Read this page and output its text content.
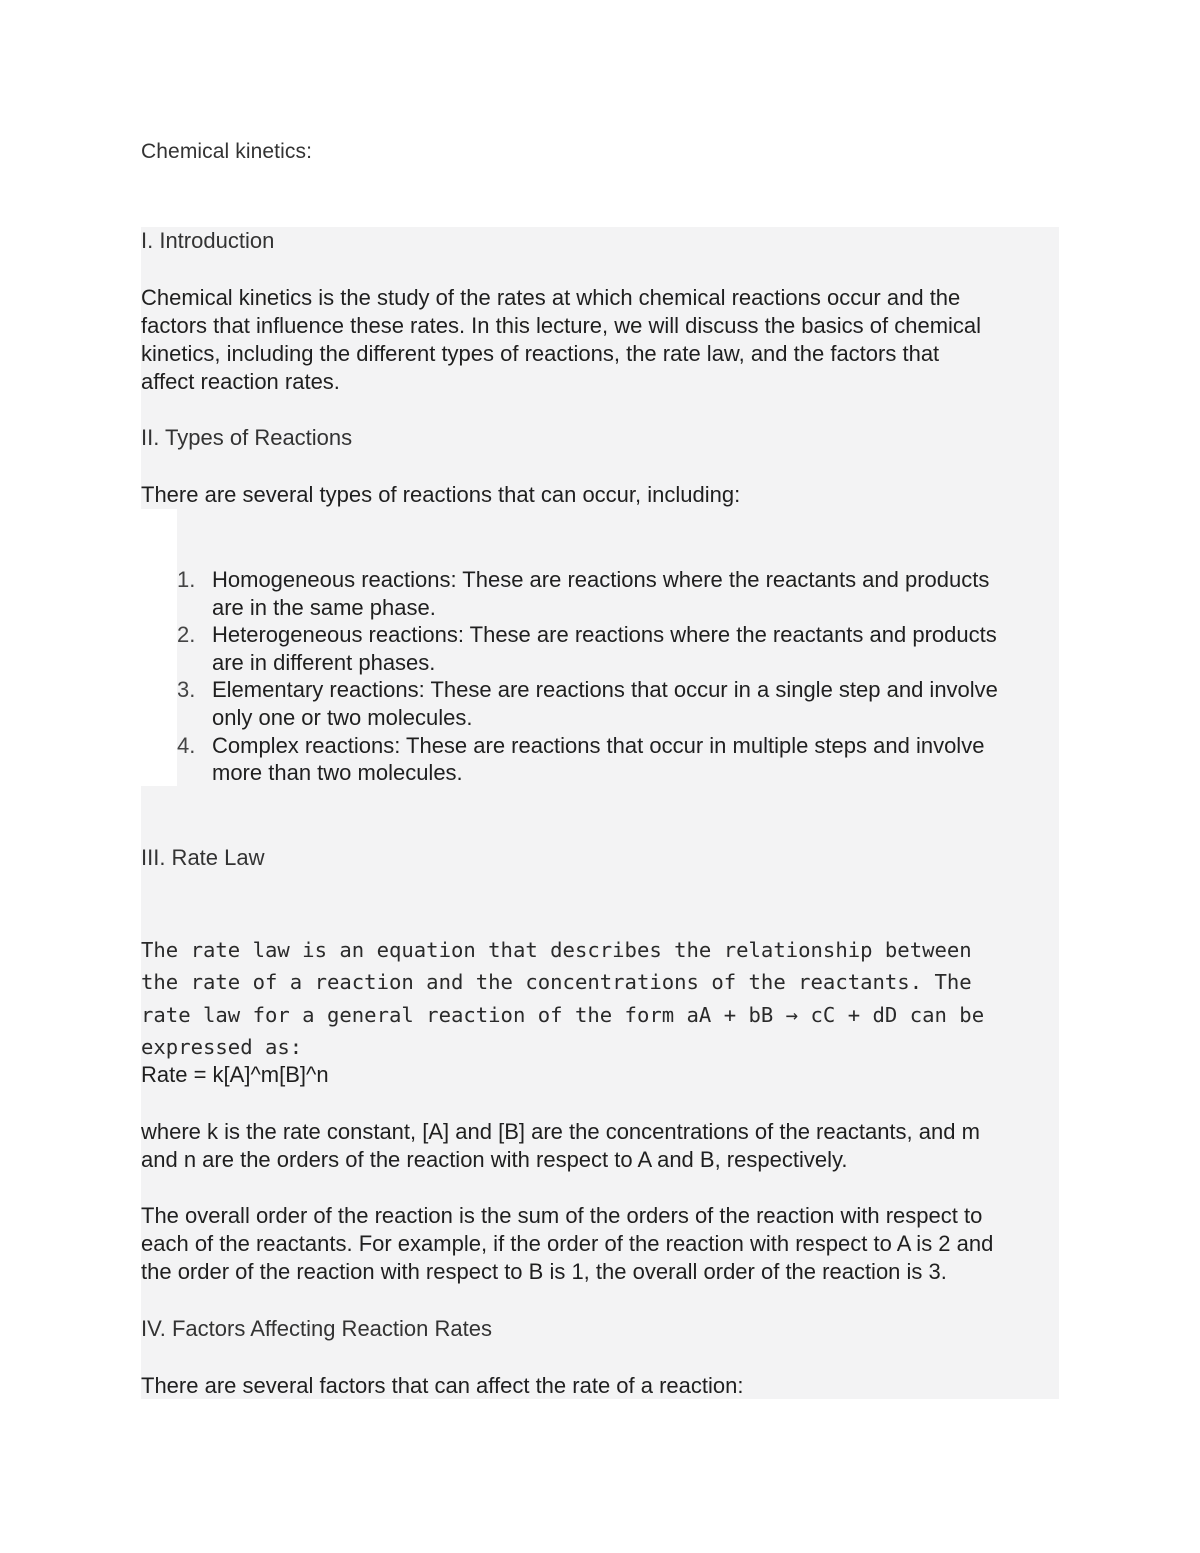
Chemical kinetics:
I. Introduction

Chemical kinetics is the study of the rates at which chemical reactions occur and the
factors that influence these rates. In this lecture, we will discuss the basics of chemical
kinetics, including the different types of reactions, the rate law, and the factors that
affect reaction rates.

II. Types of Reactions

There are several types of reactions that can occur, including:

1. Homogeneous reactions: These are reactions where the reactants and products
are in the same phase.
2. Heterogeneous reactions: These are reactions where the reactants and products
are in different phases.
3. Elementary reactions: These are reactions that occur in a single step and involve
only one or two molecules.
4. Complex reactions: These are reactions that occur in multiple steps and involve
more than two molecules.
III. Rate Law

The rate law is an equation that describes the relationship between
the rate of a reaction and the concentrations of the reactants. The
rate law for a general reaction of the form aA + bB → cC + dD can be
expressed as:

Rate = k[A]^m[B]^n

where k is the rate constant, [A] and [B] are the concentrations of the reactants, and m
and n are the orders of the reaction with respect to A and B, respectively.

The overall order of the reaction is the sum of the orders of the reaction with respect to
each of the reactants. For example, if the order of the reaction with respect to A is 2 and
the order of the reaction with respect to B is 1, the overall order of the reaction is 3.

IV. Factors Affecting Reaction Rates

There are several factors that can affect the rate of a reaction:
